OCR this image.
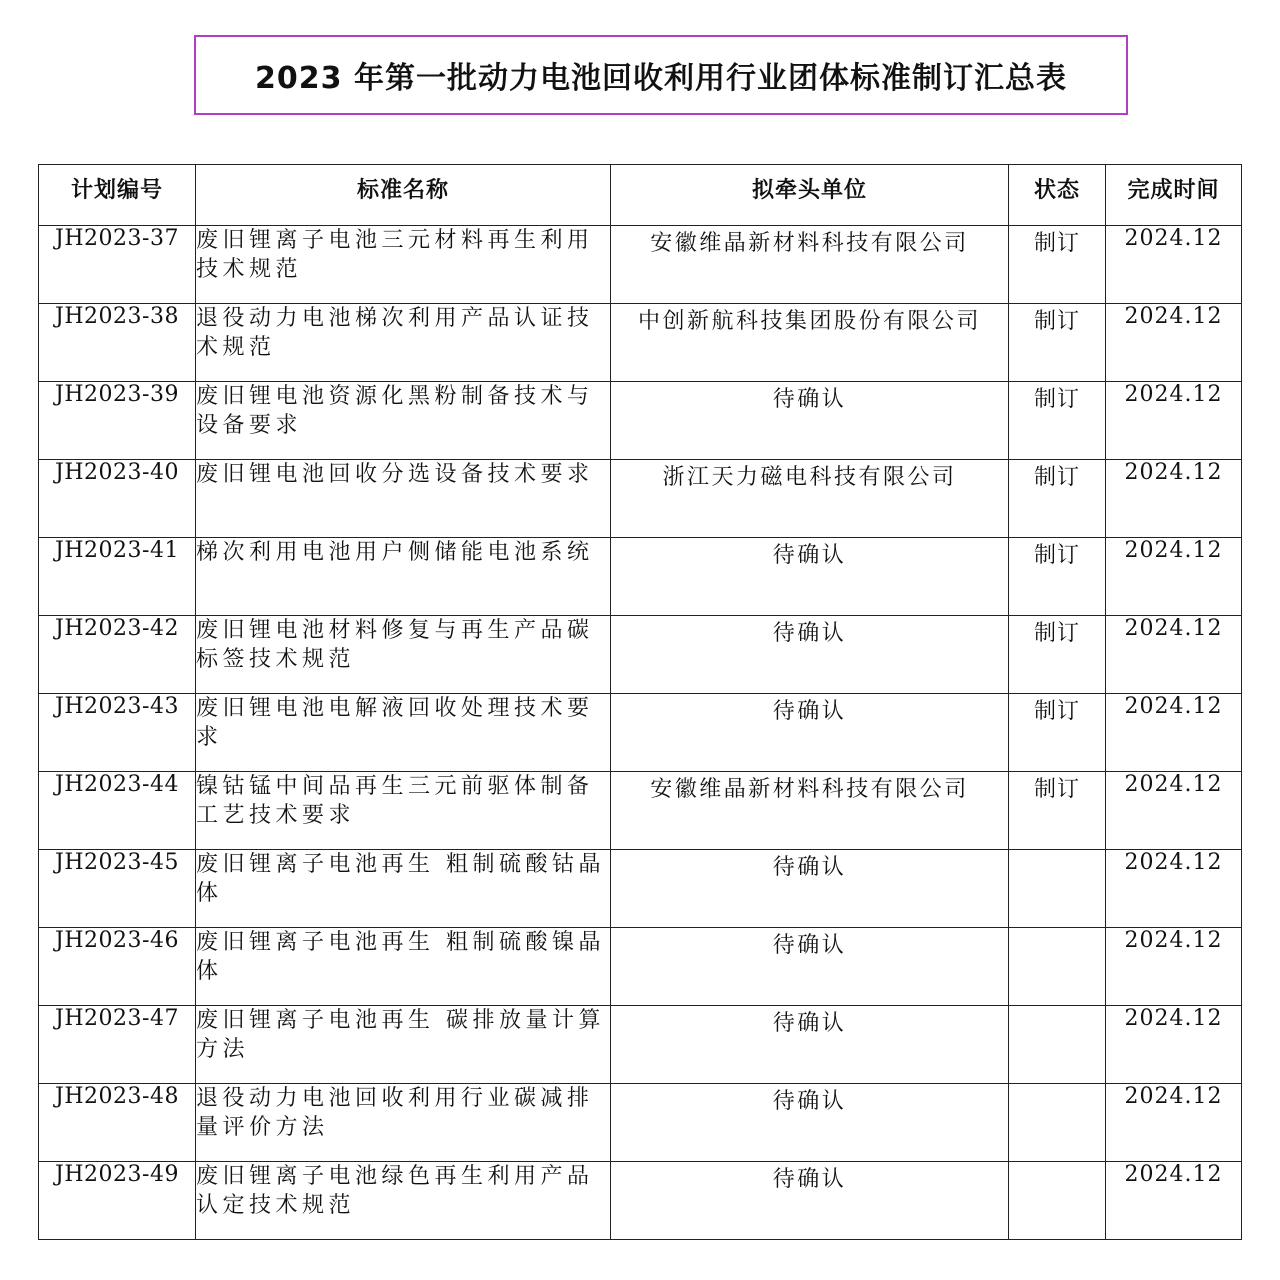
2023 年第一批动力电池回收利用行业团体标准制订汇总表
计划编号	标准名称	拟牵头单位	状态	完成时间
JH2023-37	废旧锂离子电池三元材料再生利用技术规范	安徽维晶新材料科技有限公司	制订	2024.12
JH2023-38	退役动力电池梯次利用产品认证技术规范	中创新航科技集团股份有限公司	制订	2024.12
JH2023-39	废旧锂电池资源化黑粉制备技术与设备要求	待确认	制订	2024.12
JH2023-40	废旧锂电池回收分选设备技术要求	浙江天力磁电科技有限公司	制订	2024.12
JH2023-41	梯次利用电池用户侧储能电池系统	待确认	制订	2024.12
JH2023-42	废旧锂电池材料修复与再生产品碳标签技术规范	待确认	制订	2024.12
JH2023-43	废旧锂电池电解液回收处理技术要求	待确认	制订	2024.12
JH2023-44	镍钴锰中间品再生三元前驱体制备工艺技术要求	安徽维晶新材料科技有限公司	制订	2024.12
JH2023-45	废旧锂离子电池再生 粗制硫酸钴晶体	待确认		2024.12
JH2023-46	废旧锂离子电池再生 粗制硫酸镍晶体	待确认		2024.12
JH2023-47	废旧锂离子电池再生 碳排放量计算方法	待确认		2024.12
JH2023-48	退役动力电池回收利用行业碳减排量评价方法	待确认		2024.12
JH2023-49	废旧锂离子电池绿色再生利用产品认定技术规范	待确认		2024.12
